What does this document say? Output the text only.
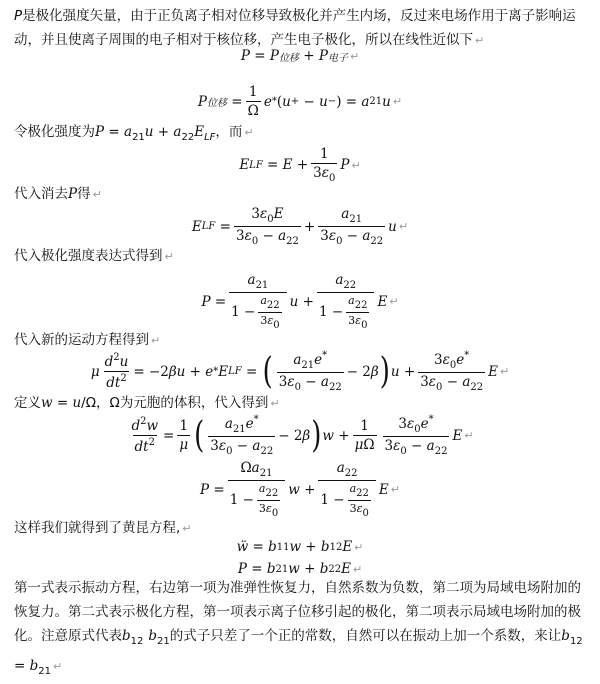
P是极化强度矢量，由于正负离子相对位移导致极化并产生内场，反过来电场作用于离子影响运动，并且使离子周围的电子相对于核位移，产生电子极化，所以在线性近似下 ↵
P = P 位移 + P 电子 ↵
P 位移 = $\frac{1}{\Omega}$ e * ( u + − u − ) = a 21 u ↵
令极化强度为$P = a_{21}u + a_{22}E_{LF}$，而 ↵
E LF = $E + \frac{1}{3\varepsilon_0}$ P ↵
代入消去P得 ↵
E LF = $\frac{3\varepsilon_0E}{3\varepsilon_0 - a_{22}} + \frac{a_{21}}{3\varepsilon_0 - a_{22}}$ u ↵
代入极化强度表达式得到 ↵
$P = \frac{a_{21}}{1 - \frac{a22}{3\varepsilon 0}}$ $u + \frac{a_{22}}{1 - \frac{a22}{3\varepsilon 0}}$ E ↵
代入新的运动方程得到 ↵
μ $\frac{d^2u}{dt^2} = -2$ β u + e * E LF = ( $\frac{a_{21}e^*}{3\varepsilon_0 - a_{22}} - 2$ β ) $u + \frac{3\varepsilon_0e^*}{3\varepsilon_0 - a_{22}}$ E ↵
定义w = u/Ω，Ω为元胞的体积，代入得到 ↵
$\frac{d^2w}{dt^2} = \frac{1}{\mu}$ ( $\frac{a_{21}e^*}{3\varepsilon_0 - a_{22}} - 2$ β ) $w + \frac{1}{\mu\Omega} \frac{3\varepsilon_0e^*}{3\varepsilon_0 - a_{22}}$ E ↵
$P = \frac{\Omega a_{21}}{1 - \frac{a22}{3\varepsilon 0}}$ $w + \frac{a_{22}}{1 - \frac{a22}{3\varepsilon 0}}$ E ↵
这样我们就得到了黄昆方程, ↵
ẅ = b 11 w + b 12 E ↵
P = b 21 w + b 22 E ↵
第一式表示振动方程，右边第一项为准弹性恢复力，自然系数为负数，第二项为局域电场附加的恢复力。第二式表示极化方程，第一项表示离子位移引起的极化，第二项表示局域电场附加的极化。注意原式代表$b_{12}$ $b_{21}$的式子只差了一个正的常数，自然可以在振动上加一个系数，来让$b_{12} = b_{21}$ ↵
